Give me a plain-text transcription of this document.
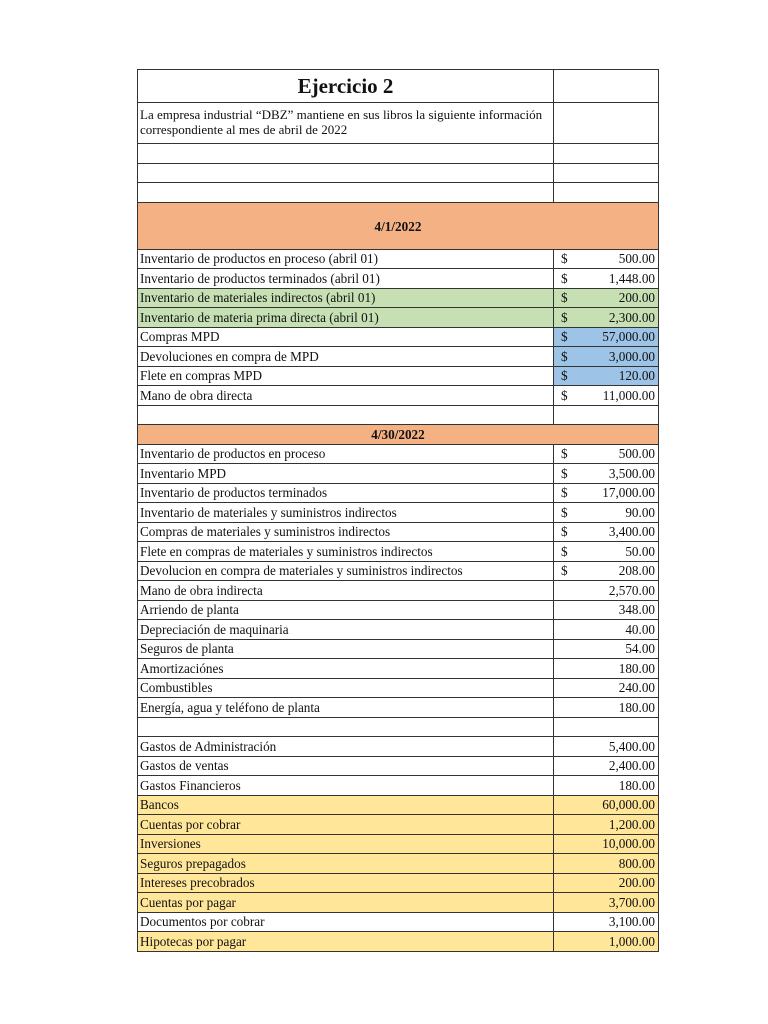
Ejercicio 2	
La empresa industrial “DBZ” mantiene en sus libros la siguiente información correspondiente al mes de abril de 2022	

4/1/2022	
Inventario de productos en proceso (abril 01)	$ 500.00

Inventario de productos terminados (abril 01)	$ 1,448.00

Inventario de materiales indirectos (abril 01)	$ 200.00

Inventario de materia prima directa (abril 01)	$ 2,300.00

Compras MPD	$ 57,000.00

Devoluciones en compra de MPD	$ 3,000.00

Flete en compras MPD	$ 120.00

Mano de obra directa	$ 11,000.00

4/30/2022	
Inventario de productos en proceso	$ 500.00

Inventario MPD	$ 3,500.00

Inventario de productos terminados	$ 17,000.00

Inventario de materiales y suministros indirectos	$ 90.00

Compras de materiales y suministros indirectos	$ 3,400.00

Flete en compras de materiales y suministros indirectos	$ 50.00

Devolucion en compra de materiales y suministros indirectos	$ 208.00

Mano de obra indirecta	2,570.00

Arriendo de planta	348.00

Depreciación de maquinaria	40.00

Seguros de planta	54.00

Amortizaciónes	180.00

Combustibles	240.00

Energía, agua y teléfono de planta	180.00

Gastos de Administración	5,400.00

Gastos de ventas	2,400.00

Gastos Financieros	180.00

Bancos	60,000.00

Cuentas por cobrar	1,200.00

Inversiones	10,000.00

Seguros prepagados	800.00

Intereses precobrados	200.00

Cuentas por pagar	3,700.00

Documentos por cobrar	3,100.00

Hipotecas por pagar	1,000.00
